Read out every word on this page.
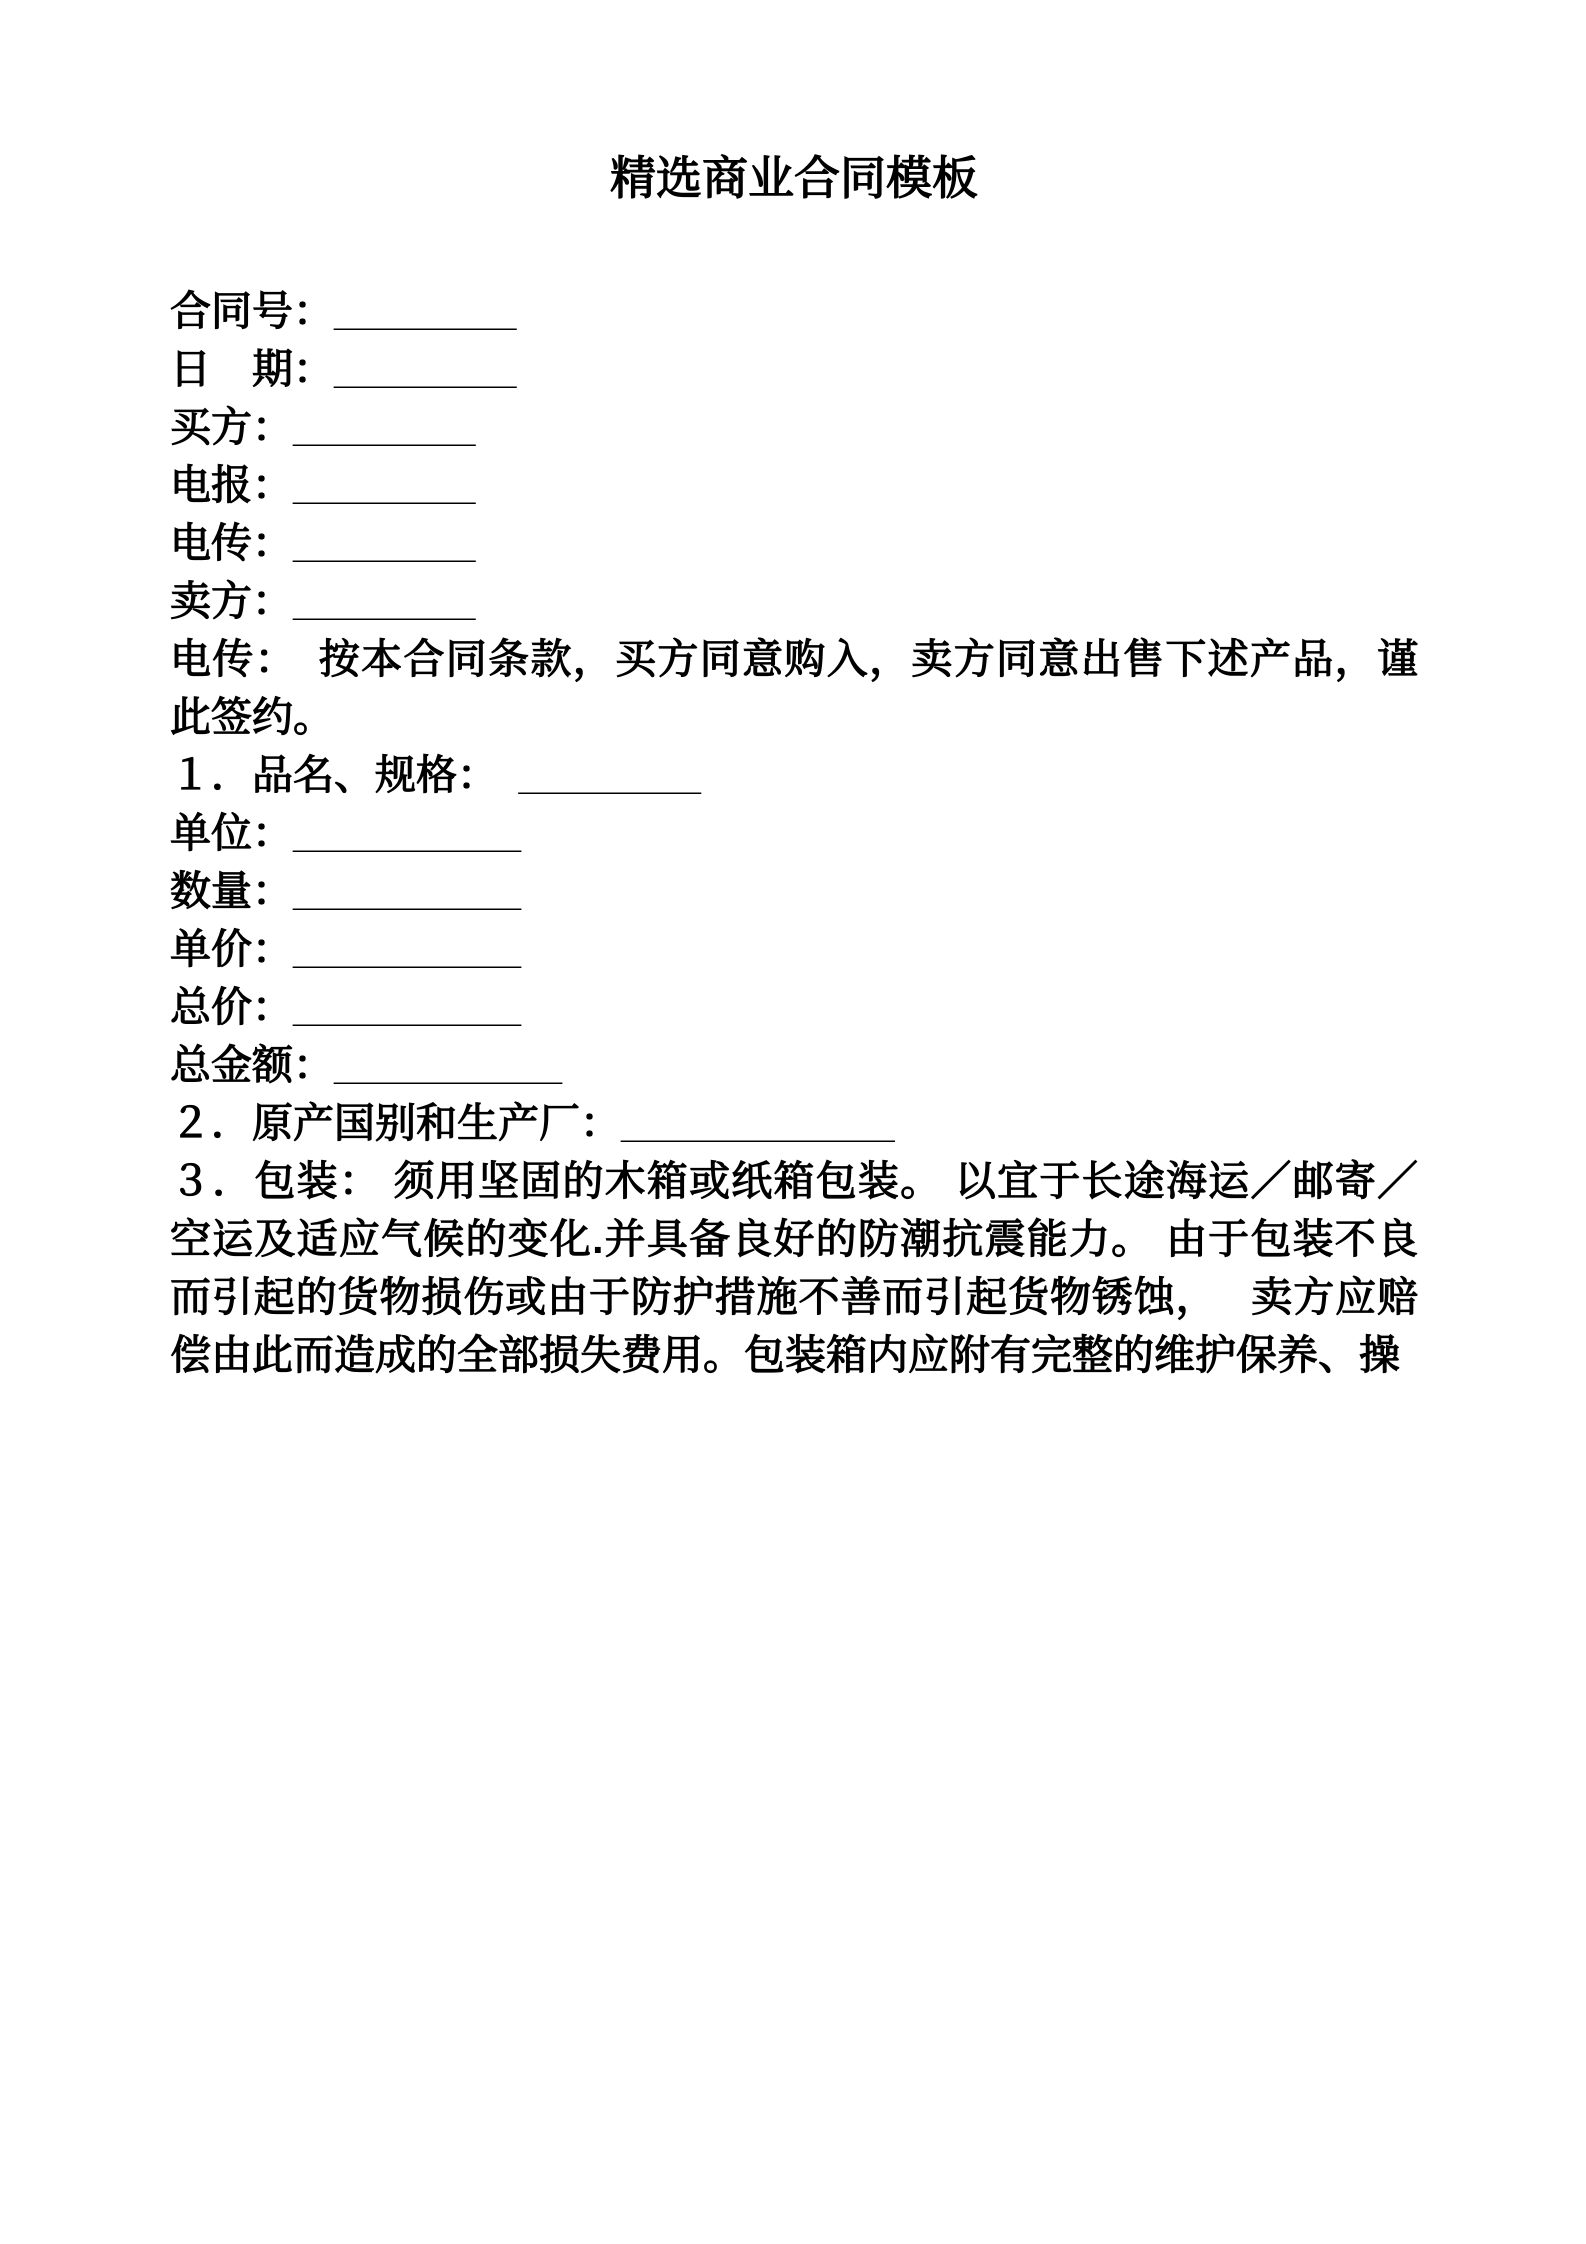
精选商业合同模板

合同号：________

日　期：________

买方：________

电报：________

电传：________

卖方：________

电传：　按本合同条款，买方同意购入，卖方同意出售下述产品，谨此签约。

１．品名、规格：　________

单位：__________

数量：__________

单价：__________

总价：__________

总金额：__________

２．原产国别和生产厂：____________

３．包装： 须用坚固的木箱或纸箱包装。 以宜于长途海运／邮寄／空运及适应气候的变化.并具备良好的防潮抗震能力。 由于包装不良而引起的货物损伤或由于防护措施不善而引起货物锈蚀，　 卖方应赔偿由此而造成的全部损失费用。包装箱内应附有完整的维护保养、操
